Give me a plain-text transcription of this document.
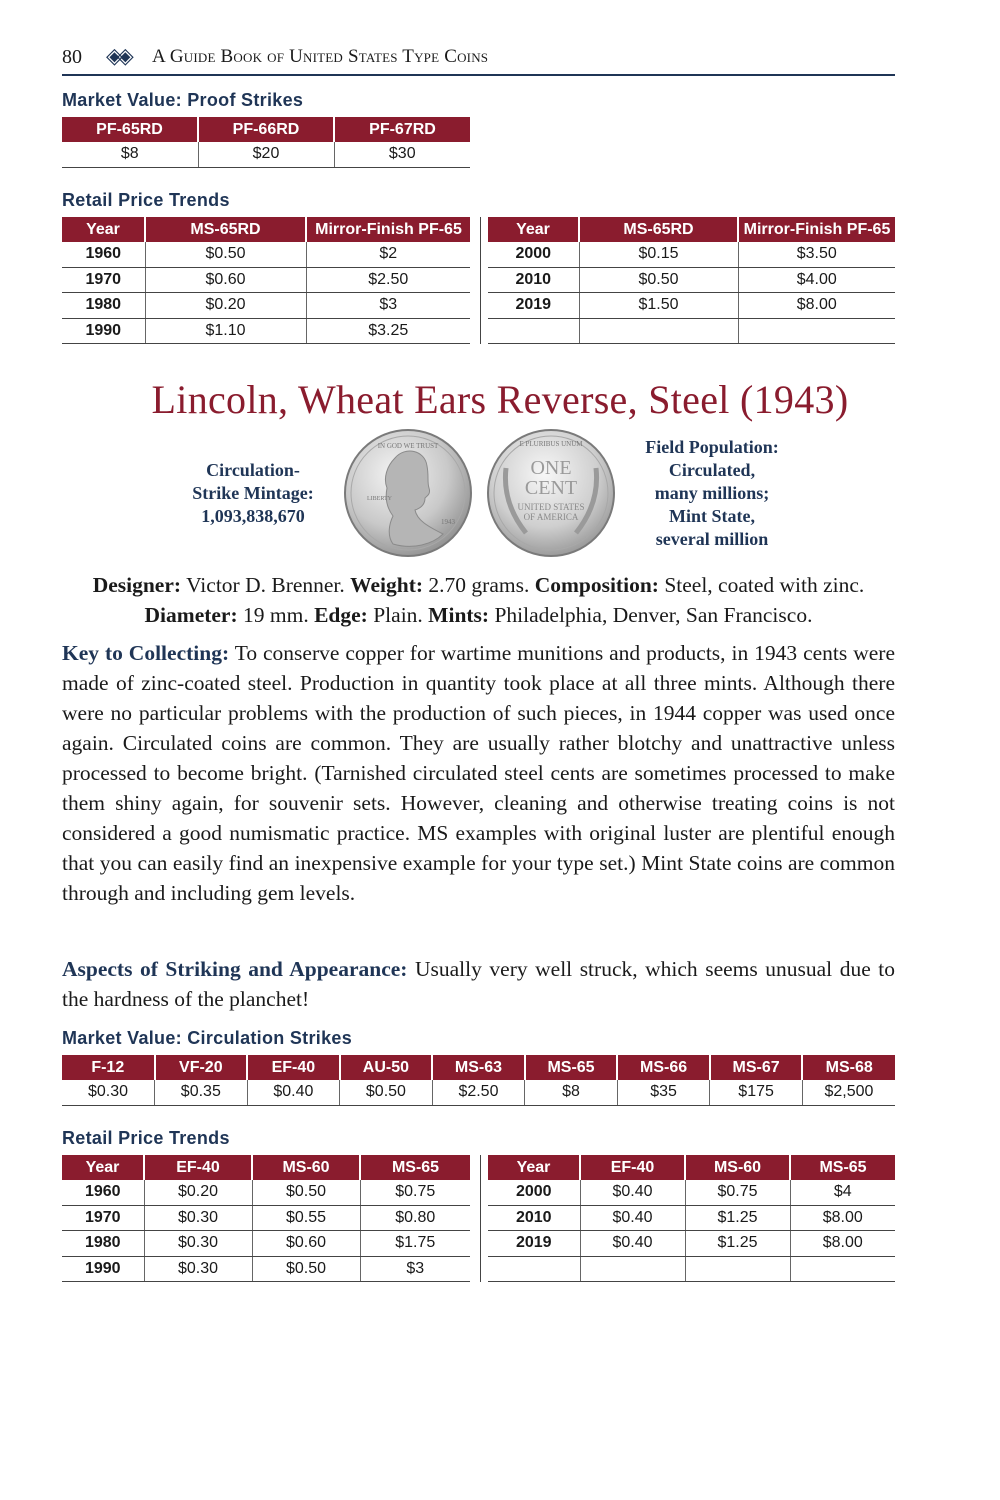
80 ◈◈ A Guide Book of United States Type Coins
Market Value: Proof Strikes
PF-65RD	PF-66RD	PF-67RD
$8	$20	$30
Retail Price Trends
Year	MS-65RD	Mirror-Finish PF-65
1960	$0.50	$2
1970	$0.60	$2.50
1980	$0.20	$3
1990	$1.10	$3.25
Year	MS-65RD	Mirror-Finish PF-65
2000	$0.15	$3.50
2010	$0.50	$4.00
2019	$1.50	$8.00

Lincoln, Wheat Ears Reverse, Steel (1943)
Circulation-
Strike Mintage:
1,093,838,670
IN GOD WE TRUST
LIBERTY
1943
E PLURIBUS UNUM
ONE
CENT
UNITED STATES
OF AMERICA
Field Population:
Circulated,
many millions;
Mint State,
several million
Designer: Victor D. Brenner. Weight: 2.70 grams. Composition: Steel, coated with zinc. Diameter: 19 mm. Edge: Plain. Mints: Philadelphia, Denver, San Francisco.
Key to Collecting: To conserve copper for wartime munitions and products, in 1943 cents were made of zinc-coated steel. Production in quantity took place at all three mints. Although there were no particular problems with the production of such pieces, in 1944 copper was used once again. Circulated coins are common. They are usually rather blotchy and unattractive unless processed to become bright. (Tarnished circulated steel cents are sometimes processed to make them shiny again, for souvenir sets. However, cleaning and otherwise treating coins is not considered a good numismatic practice. MS examples with original luster are plentiful enough that you can easily find an inexpensive example for your type set.) Mint State coins are common through and including gem levels.
Aspects of Striking and Appearance: Usually very well struck, which seems unusual due to the hardness of the planchet!
Market Value: Circulation Strikes
F-12	VF-20	EF-40	AU-50	MS-63	MS-65	MS-66	MS-67	MS-68
$0.30	$0.35	$0.40	$0.50	$2.50	$8	$35	$175	$2,500
Retail Price Trends
Year	EF-40	MS-60	MS-65
1960	$0.20	$0.50	$0.75
1970	$0.30	$0.55	$0.80
1980	$0.30	$0.60	$1.75
1990	$0.30	$0.50	$3
Year	EF-40	MS-60	MS-65
2000	$0.40	$0.75	$4
2010	$0.40	$1.25	$8.00
2019	$0.40	$1.25	$8.00
